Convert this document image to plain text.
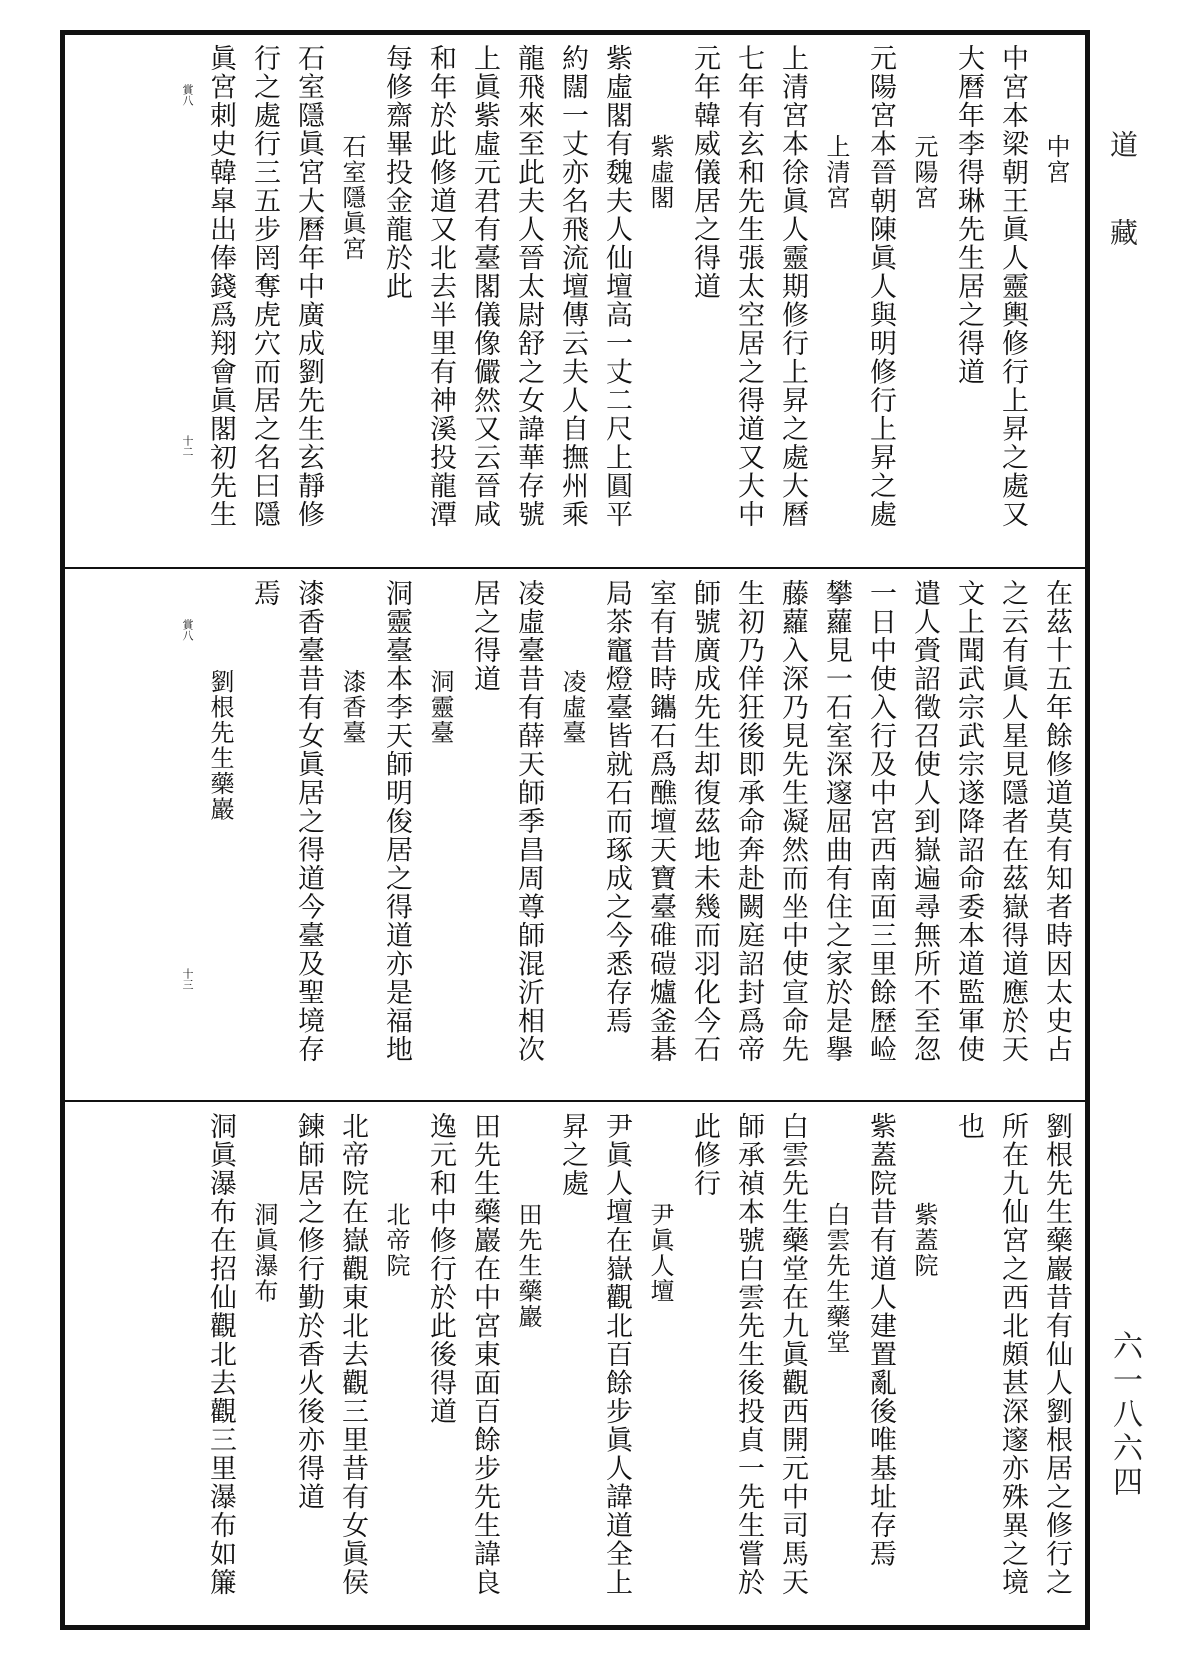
中宮
中宮本梁朝王眞人靈輿修行上昇之處又
大曆年李得琳先生居之得道
元陽宮
元陽宮本晉朝陳眞人與明修行上昇之處
上清宮
上清宮本徐眞人靈期修行上昇之處大曆
七年有玄和先生張太空居之得道又大中
元年韓威儀居之得道
紫虛閣
紫虛閣有魏夫人仙壇高一丈二尺上圓平
約闊一丈亦名飛流壇傳云夫人自撫州乘
龍飛來至此夫人晉太尉舒之女諱華存號
上眞紫虛元君有臺閣儀像儼然又云晉咸
和年於此修道又北去半里有神溪投龍潭
每修齋畢投金龍於此
石室隱眞宮
石室隱眞宮大曆年中廣成劉先生玄靜修
行之處行三五步罔奪虎穴而居之名曰隱
眞宮刺史韓皐出俸錢爲翔會眞閣初先生
賞八
十二
在茲十五年餘修道莫有知者時因太史占
之云有眞人星見隱者在茲嶽得道應於天
文上聞武宗武宗遂降詔命委本道監軍使
遣人賫詔徵召使人到嶽遍尋無所不至忽
一日中使入行及中宮西南面三里餘歷崄
攀蘿見一石室深邃屈曲有住之家於是擧
藤蘿入深乃見先生凝然而坐中使宣命先
生初乃佯狂後即承命奔赴闕庭詔封爲帝
師號廣成先生却復茲地未幾而羽化今石
室有昔時鑴石爲醮壇天寶臺碓磑爐釜碁
局茶竈燈臺皆就石而琢成之今悉存焉
凌虛臺
凌虛臺昔有薛天師季昌周尊師混沂相次
居之得道
洞靈臺
洞靈臺本李天師明俊居之得道亦是福地
漆香臺
漆香臺昔有女眞居之得道今臺及聖境存
焉
劉根先生藥巖
賞八
十三
劉根先生藥巖昔有仙人劉根居之修行之
所在九仙宮之西北頗甚深邃亦殊異之境
也
紫蓋院
紫蓋院昔有道人建置亂後唯基址存焉
白雲先生藥堂
白雲先生藥堂在九眞觀西開元中司馬天
師承禎本號白雲先生後投貞一先生嘗於
此修行
尹眞人壇
尹眞人壇在嶽觀北百餘步眞人諱道全上
昇之處
田先生藥巖
田先生藥巖在中宮東面百餘步先生諱良
逸元和中修行於此後得道
北帝院
北帝院在嶽觀東北去觀三里昔有女眞侯
鍊師居之修行勤於香火後亦得道
洞眞瀑布
洞眞瀑布在招仙觀北去觀三里瀑布如簾
道藏
六一八六四
